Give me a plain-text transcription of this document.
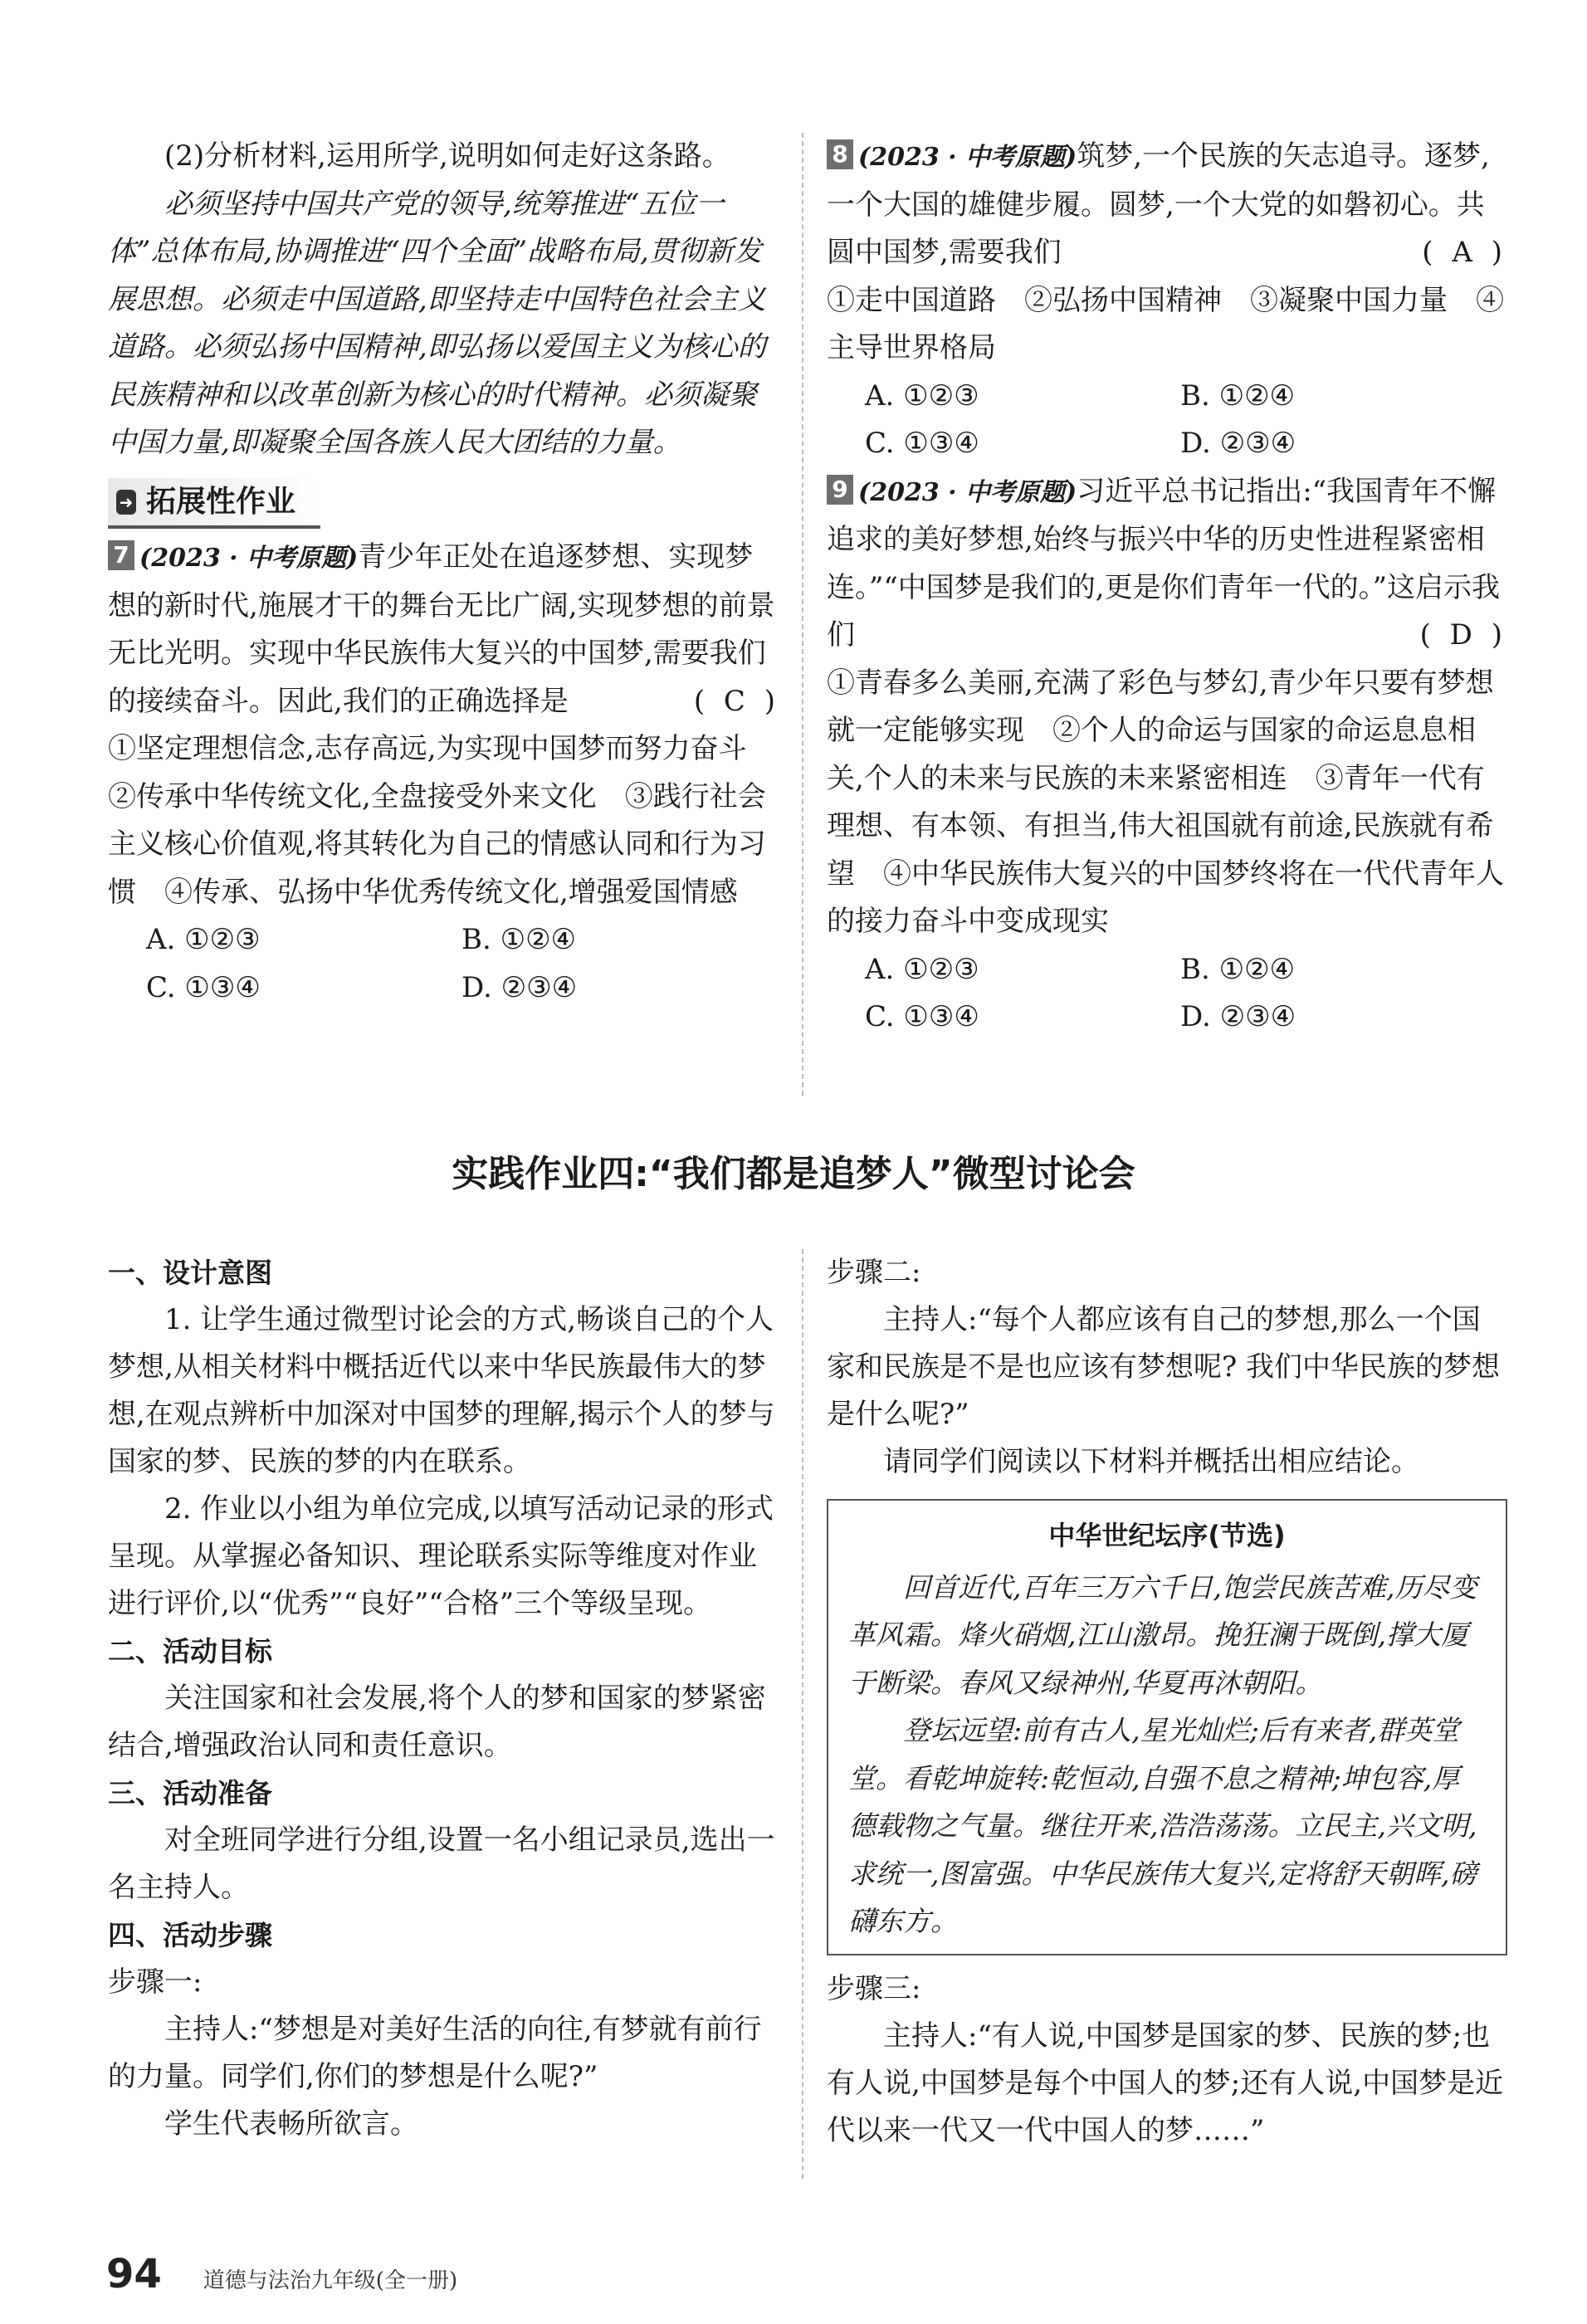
(2)分析材料,运用所学,说明如何走好这条路。

必须坚持中国共产党的领导,统筹推进“五位一体”总体布局,协调推进“四个全面”战略布局,贯彻新发展思想。必须走中国道路,即坚持走中国特色社会主义道路。必须弘扬中国精神,即弘扬以爱国主义为核心的民族精神和以改革创新为核心的时代精神。必须凝聚中国力量,即凝聚全国各族人民大团结的力量。

➜ 拓展性作业

7 (2023 · 中考原题)青少年正处在追逐梦想、实现梦想的新时代,施展才干的舞台无比广阔,实现梦想的前景无比光明。实现中华民族伟大复兴的中国梦,需要我们的接续奋斗。因此,我们的正确选择是	( C )

①坚定理想信念,志存高远,为实现中国梦而努力奋斗　②传承中华传统文化,全盘接受外来文化　③践行社会主义核心价值观,将其转化为自己的情感认同和行为习惯　④传承、弘扬中华优秀传统文化,增强爱国情感

A. ①②③	B. ①②④
C. ①③④	D. ②③④

8 (2023 · 中考原题)筑梦,一个民族的矢志追寻。逐梦,一个大国的雄健步履。圆梦,一个大党的如磐初心。共圆中国梦,需要我们	( A )

①走中国道路　②弘扬中国精神　③凝聚中国力量　④主导世界格局

A. ①②③	B. ①②④
C. ①③④	D. ②③④

9 (2023 · 中考原题)习近平总书记指出:“我国青年不懈追求的美好梦想,始终与振兴中华的历史性进程紧密相连。”“中国梦是我们的,更是你们青年一代的。”这启示我们	( D )

①青春多么美丽,充满了彩色与梦幻,青少年只要有梦想就一定能够实现　②个人的命运与国家的命运息息相关,个人的未来与民族的未来紧密相连　③青年一代有理想、有本领、有担当,伟大祖国就有前途,民族就有希望　④中华民族伟大复兴的中国梦终将在一代代青年人的接力奋斗中变成现实

A. ①②③	B. ①②④
C. ①③④	D. ②③④
实践作业四:“我们都是追梦人”微型讨论会

一、设计意图

1. 让学生通过微型讨论会的方式,畅谈自己的个人梦想,从相关材料中概括近代以来中华民族最伟大的梦想,在观点辨析中加深对中国梦的理解,揭示个人的梦与国家的梦、民族的梦的内在联系。

2. 作业以小组为单位完成,以填写活动记录的形式呈现。从掌握必备知识、理论联系实际等维度对作业进行评价,以“优秀”“良好”“合格”三个等级呈现。

二、活动目标

关注国家和社会发展,将个人的梦和国家的梦紧密结合,增强政治认同和责任意识。

三、活动准备

对全班同学进行分组,设置一名小组记录员,选出一名主持人。

四、活动步骤

步骤一:

主持人:“梦想是对美好生活的向往,有梦就有前行的力量。同学们,你们的梦想是什么呢?”

学生代表畅所欲言。

步骤二:

主持人:“每个人都应该有自己的梦想,那么一个国家和民族是不是也应该有梦想呢? 我们中华民族的梦想是什么呢?”

请同学们阅读以下材料并概括出相应结论。

中华世纪坛序(节选)

回首近代,百年三万六千日,饱尝民族苦难,历尽变革风霜。烽火硝烟,江山激昂。挽狂澜于既倒,撑大厦于断梁。春风又绿神州,华夏再沐朝阳。

登坛远望:前有古人,星光灿烂;后有来者,群英堂堂。看乾坤旋转:乾恒动,自强不息之精神;坤包容,厚德载物之气量。继往开来,浩浩荡荡。立民主,兴文明,求统一,图富强。中华民族伟大复兴,定将舒天朝晖,磅礴东方。

步骤三:

主持人:“有人说,中国梦是国家的梦、民族的梦;也有人说,中国梦是每个中国人的梦;还有人说,中国梦是近代以来一代又一代中国人的梦……”

94 道德与法治九年级(全一册)
